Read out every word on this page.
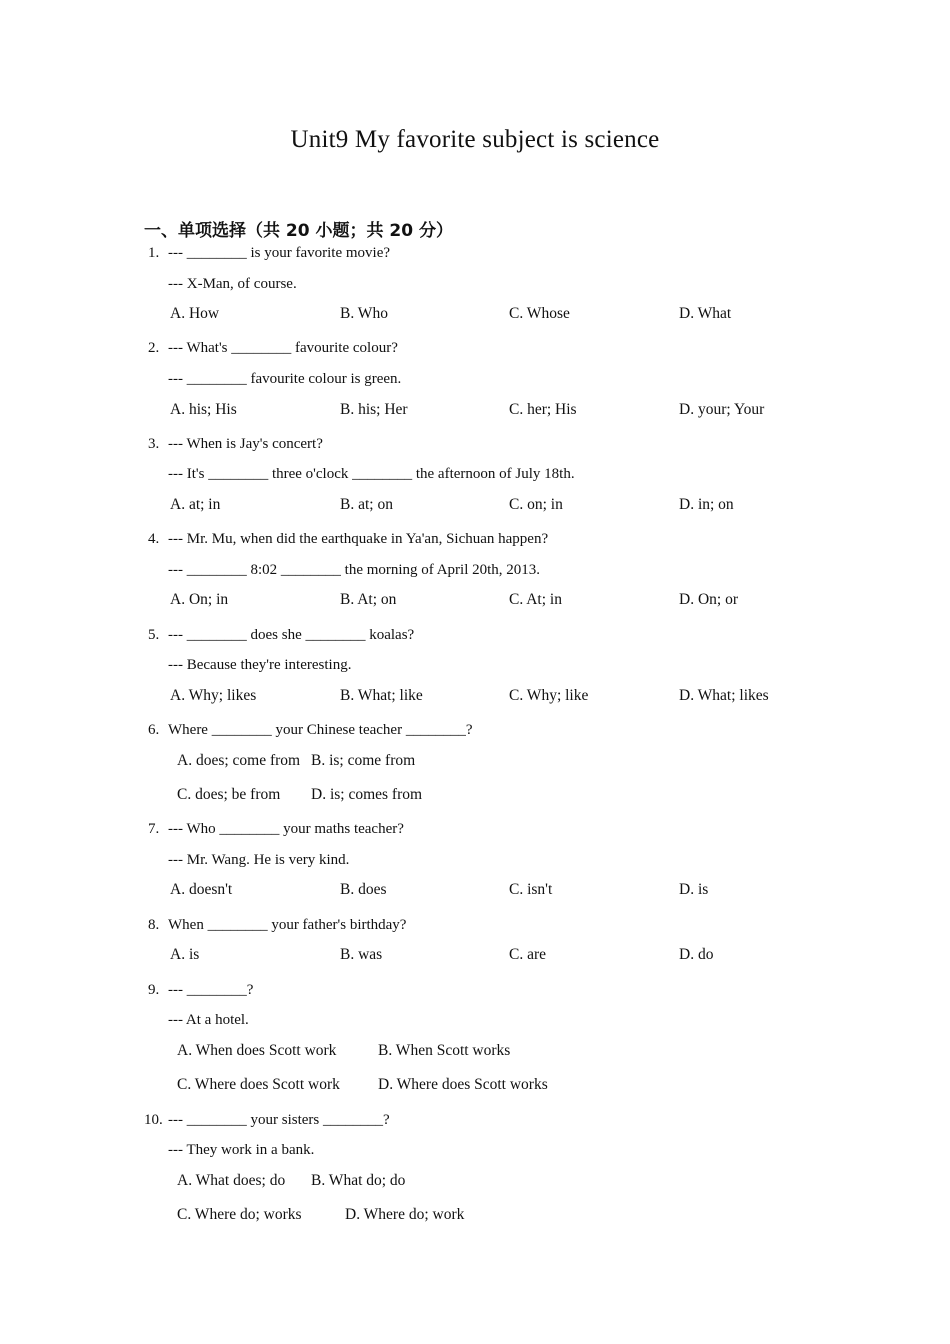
Unit9 My favorite subject is science
一、单项选择（共 20 小题；共 20 分）
1. --- ________ is your favorite movie?
--- X-Man, of course.
A. How	B. Who	C. Whose	D. What
2. --- What's ________ favourite colour?
--- ________ favourite colour is green.
A. his; His	B. his; Her	C. her; His	D. your; Your
3. --- When is Jay's concert?
--- It's ________ three o'clock ________ the afternoon of July 18th.
A. at; in	B. at; on	C. on; in	D. in; on
4. --- Mr. Mu, when did the earthquake in Ya'an, Sichuan happen?
--- ________ 8:02 ________ the morning of April 20th, 2013.
A. On; in	B. At; on	C. At; in	D. On; or
5. --- ________ does she ________ koalas?
--- Because they're interesting.
A. Why; likes	B. What; like	C. Why; like	D. What; likes
6. Where ________ your Chinese teacher ________?
A. does; come from B. is; come from
C. does; be from D. is; comes from
7. --- Who ________ your maths teacher?
--- Mr. Wang. He is very kind.
A. doesn't	B. does	C. isn't	D. is
8. When ________ your father's birthday?
A. is	B. was	C. are	D. do
9. --- ________?
--- At a hotel.
A. When does Scott work	B. When Scott works
C. Where does Scott work D. Where does Scott works
10. --- ________ your sisters ________?
--- They work in a bank.
A. What does; do B. What do; do
C. Where do; works	D. Where do; work
